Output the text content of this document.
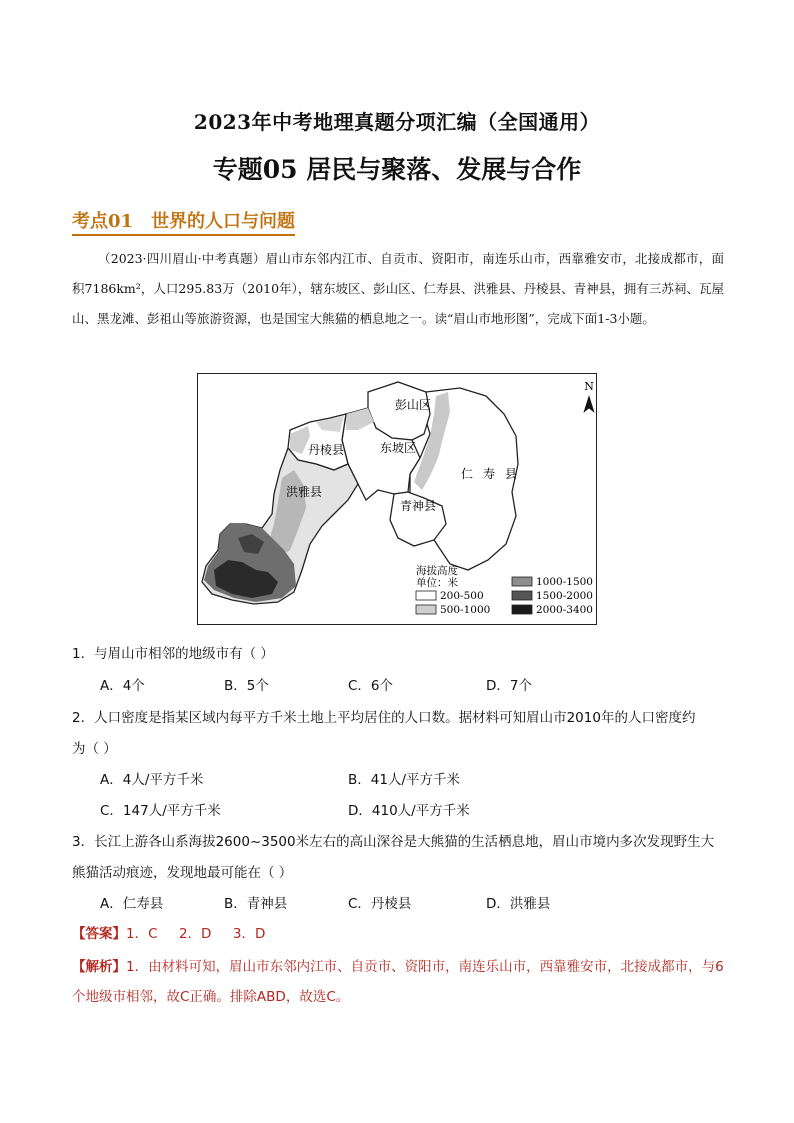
2023年中考地理真题分项汇编（全国通用）
专题05 居民与聚落、发展与合作
考点01 世界的人口与问题
（2023·四川眉山·中考真题）眉山市东邻内江市、自贡市、资阳市，南连乐山市，西靠雅安市，北接成都市，面积7186km²，人口295.83万（2010年），辖东坡区、彭山区、仁寿县、洪雅县、丹棱县、青神县，拥有三苏祠、瓦屋山、黑龙滩、彭祖山等旅游资源，也是国宝大熊猫的栖息地之一。读“眉山市地形图”，完成下面1-3小题。
N
彭山区
东坡区
丹棱县
洪雅县
青神县
仁寿县
海拔高度
单位：米
200-500
500-1000
1000-1500
1500-2000
2000-3400
1．与眉山市相邻的地级市有（ ）
A．4个	B．5个	C．6个	D．7个
2．人口密度是指某区域内每平方千米土地上平均居住的人口数。据材料可知眉山市2010年的人口密度约
为（ ）
A．4人/平方千米	B．41人/平方千米
C．147人/平方千米	D．410人/平方千米
3．长江上游各山系海拔2600~3500米左右的高山深谷是大熊猫的生活栖息地，眉山市境内多次发现野生大
熊猫活动痕迹，发现地最可能在（ ）
A．仁寿县	B．青神县	C．丹棱县	D．洪雅县
【答案】1．C     2．D     3．D
【解析】1．由材料可知，眉山市东邻内江市、自贡市、资阳市，南连乐山市，西靠雅安市，北接成都市，与6个地级市相邻，故C正确。排除ABD，故选C。
